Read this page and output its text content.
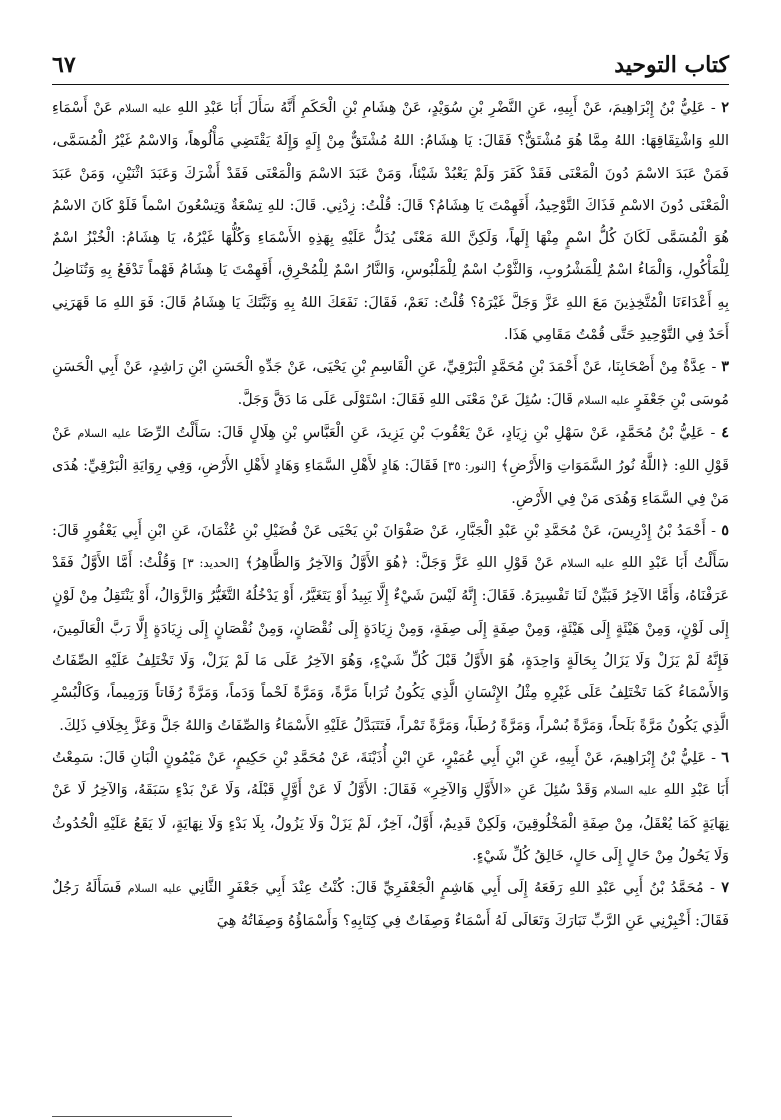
٦٧	كتاب التوحيد

٢ - عَلِيُّ بْنُ إِبْرَاهِيمَ، عَنْ أَبِيهِ، عَنِ النَّضْرِ بْنِ سُوَيْدٍ، عَنْ هِشَامِ بْنِ الْحَكَمِ أَنَّهُ سَأَلَ أَبَا عَبْدِ اللهِ عليه السلام عَنْ أَسْمَاءِ اللهِ وَاشْتِقَاقِهَا: اللهُ مِمَّا هُوَ مُشْتَقٌّ؟ فَقَالَ: يَا هِشَامُ: اللهُ مُشْتَقٌّ مِنْ إِلَهٍ وَإِلَهٌ يَقْتَضِي مَأْلُوهاً، وَالاسْمُ غَيْرُ الْمُسَمَّى، فَمَنْ عَبَدَ الاسْمَ دُونَ الْمَعْنَى فَقَدْ كَفَرَ وَلَمْ يَعْبُدْ شَيْئاً، وَمَنْ عَبَدَ الاسْمَ وَالْمَعْنَى فَقَدْ أَشْرَكَ وَعَبَدَ اثْنَيْنِ، وَمَنْ عَبَدَ الْمَعْنَى دُونَ الاسْمِ فَذَاكَ التَّوْحِيدُ، أَفَهِمْتَ يَا هِشَامُ؟ قَالَ: قُلْتُ: زِدْنِي. قَالَ: للهِ تِسْعَةٌ وَتِسْعُونَ اسْماً فَلَوْ كَانَ الاسْمُ هُوَ الْمُسَمَّى لَكَانَ كُلُّ اسْمٍ مِنْهَا إِلَهاً، وَلَكِنَّ اللهَ مَعْنًى يُدَلُّ عَلَيْهِ بِهَذِهِ الأَسْمَاءِ وَكُلُّهَا غَيْرُهُ، يَا هِشَامُ: الْخُبْزُ اسْمٌ لِلْمَأْكُولِ، وَالْمَاءُ اسْمٌ لِلْمَشْرُوبِ، وَالثَّوْبُ اسْمٌ لِلْمَلْبُوسِ، وَالنَّارُ اسْمٌ لِلْمُحْرِقِ، أَفَهِمْتَ يَا هِشَامُ فَهْماً تَدْفَعُ بِهِ وَتُنَاضِلُ بِهِ أَعْدَاءَنَا الْمُتَّخِذِينَ مَعَ اللهِ عَزَّ وَجَلَّ غَيْرَهُ؟ قُلْتُ: نَعَمْ، فَقَالَ: نَفَعَكَ اللهُ بِهِ وَثَبَّتَكَ يَا هِشَامُ قَالَ: فَوَ اللهِ مَا قَهَرَنِي أَحَدٌ فِي التَّوْحِيدِ حَتَّى قُمْتُ مَقَامِي هَذَا.

٣ - عِدَّةٌ مِنْ أَصْحَابِنَا، عَنْ أَحْمَدَ بْنِ مُحَمَّدٍ الْبَرْقِيِّ، عَنِ الْقَاسِمِ بْنِ يَحْيَى، عَنْ جَدِّهِ الْحَسَنِ ابْنِ رَاشِدٍ، عَنْ أَبِي الْحَسَنِ مُوسَى بْنِ جَعْفَرٍ عليه السلام قَالَ: سُئِلَ عَنْ مَعْنَى اللهِ فَقَالَ: اسْتَوْلَى عَلَى مَا دَقَّ وَجَلَّ.

٤ - عَلِيُّ بْنُ مُحَمَّدٍ، عَنْ سَهْلِ بْنِ زِيَادٍ، عَنْ يَعْقُوبَ بْنِ يَزِيدَ، عَنِ الْعَبَّاسِ بْنِ هِلَالٍ قَالَ: سَأَلْتُ الرِّضَا عليه السلام عَنْ قَوْلِ اللهِ: ﴿اللَّهُ نُورُ السَّمَوَاتِ وَالأَرْضِ﴾ [النور: ٣٥] فَقَالَ: هَادٍ لأَهْلِ السَّمَاءِ وَهَادٍ لأَهْلِ الأَرْضِ، وَفِي رِوَايَةِ الْبَرْقِيِّ: هُدَى مَنْ فِي السَّمَاءِ وَهُدَى مَنْ فِي الأَرْضِ.

٥ - أَحْمَدُ بْنُ إِدْرِيسَ، عَنْ مُحَمَّدِ بْنِ عَبْدِ الْجَبَّارِ، عَنْ صَفْوَانَ بْنِ يَحْيَى عَنْ فُضَيْلِ بْنِ عُثْمَانَ، عَنِ ابْنِ أَبِي يَعْفُورٍ قَالَ: سَأَلْتُ أَبَا عَبْدِ اللهِ عليه السلام عَنْ قَوْلِ اللهِ عَزَّ وَجَلَّ: ﴿هُوَ الأَوَّلُ وَالآخِرُ وَالظَّاهِرُ﴾ [الحديد: ٣] وَقُلْتُ: أَمَّا الأَوَّلُ فَقَدْ عَرَفْنَاهُ، وَأَمَّا الآخِرُ فَبَيِّنْ لَنَا تَفْسِيرَهُ. فَقَالَ: إِنَّهُ لَيْسَ شَيْءٌ إِلَّا يَبِيدُ أَوْ يَتَغَيَّرُ، أَوْ يَدْخُلُهُ التَّغَيُّرُ وَالزَّوَالُ، أَوْ يَنْتَقِلُ مِنْ لَوْنٍ إِلَى لَوْنٍ، وَمِنْ هَيْئَةٍ إِلَى هَيْئَةٍ، وَمِنْ صِفَةٍ إِلَى صِفَةٍ، وَمِنْ زِيَادَةٍ إِلَى نُقْصَانٍ، وَمِنْ نُقْصَانٍ إِلَى زِيَادَةٍ إِلَّا رَبَّ الْعَالَمِينَ، فَإِنَّهُ لَمْ يَزَلْ وَلَا يَزَالُ بِحَالَةٍ وَاحِدَةٍ، هُوَ الأَوَّلُ قَبْلَ كُلِّ شَيْءٍ، وَهُوَ الآخِرُ عَلَى مَا لَمْ يَزَلْ، وَلَا تَخْتَلِفُ عَلَيْهِ الصِّفَاتُ وَالأَسْمَاءُ كَمَا تَخْتَلِفُ عَلَى غَيْرِهِ مِثْلُ الإِنْسَانِ الَّذِي يَكُونُ تُرَاباً مَرَّةً، وَمَرَّةً لَحْماً وَدَماً، وَمَرَّةً رُفَاتاً وَرَمِيماً، وَكَالْبُسْرِ الَّذِي يَكُونُ مَرَّةً بَلَحاً، وَمَرَّةً بُسْراً، وَمَرَّةً رُطَباً، وَمَرَّةً تَمْراً، فَتَتَبَدَّلُ عَلَيْهِ الأَسْمَاءُ وَالصِّفَاتُ وَاللهُ جَلَّ وَعَزَّ بِخِلَافِ ذَلِكَ.

٦ - عَلِيُّ بْنُ إِبْرَاهِيمَ، عَنْ أَبِيهِ، عَنِ ابْنِ أَبِي عُمَيْرٍ، عَنِ ابْنِ أُذَيْنَةَ، عَنْ مُحَمَّدِ بْنِ حَكِيمٍ، عَنْ مَيْمُونٍ الْبَانِ قَالَ: سَمِعْتُ أَبَا عَبْدِ اللهِ عليه السلام وَقَدْ سُئِلَ عَنِ «الأَوَّلِ وَالآخِرِ» فَقَالَ: الأَوَّلُ لَا عَنْ أَوَّلٍ قَبْلَهُ، وَلَا عَنْ بَدْءٍ سَبَقَهُ، وَالآخِرُ لَا عَنْ نِهَايَةٍ كَمَا يُعْقَلُ، مِنْ صِفَةِ الْمَخْلُوقِينَ، وَلَكِنْ قَدِيمٌ، أَوَّلٌ، آخِرٌ، لَمْ يَزَلْ وَلَا يَزُولُ، بِلَا بَدْءٍ وَلَا نِهَايَةٍ، لَا يَقَعُ عَلَيْهِ الْحُدُوثُ وَلَا يَحُولُ مِنْ حَالٍ إِلَى حَالٍ، خَالِقُ كُلِّ شَيْءٍ.

٧ - مُحَمَّدُ بْنُ أَبِي عَبْدِ اللهِ رَفَعَهُ إِلَى أَبِي هَاشِمٍ الْجَعْفَرِيِّ قَالَ: كُنْتُ عِنْدَ أَبِي جَعْفَرٍ الثَّانِي عليه السلام فَسَأَلَهُ رَجُلٌ فَقَالَ: أَخْبِرْنِي عَنِ الرَّبِّ تَبَارَكَ وَتَعَالَى لَهُ أَسْمَاءٌ وَصِفَاتٌ فِي كِتَابِهِ؟ وَأَسْمَاؤُهُ وَصِفَاتُهُ هِيَ
